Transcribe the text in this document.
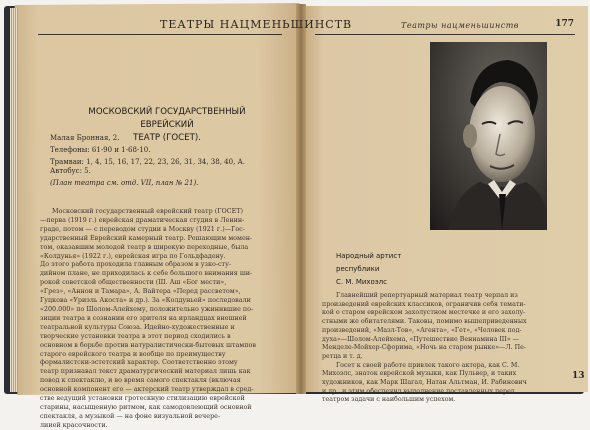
ТЕАТРЫ НАЦМЕНЬШИНСТВ
МОСКОВСКИЙ ГОСУДАРСТВЕННЫЙ ЕВРЕЙСКИЙ
ТЕАТР (ГОСЕТ).
Малая Бронная, 2.
Телефоны: 61-90 и 1-68-10.
Трамваи: 1, 4, 15, 16, 17, 22, 23, 26, 31, 34, 38, 40, А.
Автобус: 5.
(План театра см. отд. VII, план № 21).
Московский государственный еврейский театр (ГОСЕТ)
—перва (1919 г.) еврейская драматическая студия в Ленин-
граде, потом — с переводом студии в Москву (1921 г.)—Гос-
ударственный Еврейский камерный театр. Решающим момен-
том, оказавшим молодой театр в широкую переходные, была
«Колдунья» (1922 г.), еврейская игра по Гольдфадену.
До этого работа проходила главным образом в узко-сту-
дийном плане, не приходилась к себе большого внимания ши-
рокой советской общественности (Ш. Аш «Бог мести»,
«Грез», «Аннон и Тамара», А. Вайтера «Перед рассветом»,
Гуцкова «Уриэль Акоста» и др.). За «Колдуньей» последовали
«200.000» по Шолом-Алейхему, положительно ужинившие по-
зиции театра в сознании его зрителя на ирландцах внешней
театральной культуры Союза. Идейно-художественные и
творческие установки театра в этот период сходились в
основном в борьбе против натуралистически-бытовых штампов
старого еврейского театра и вообще по преимуществу
формалистски-эстетский характер. Соответственно этому
театр признавал текст драматургический материал лишь как
повод к спектаклю, и во время самого спектакля (включая
основной компонент его — актерский театр утверждал в сред-
стве ведущий установки гротескную стилизацию еврейской
старины, насыщенную ритмом, как самодовлеющий основной
спектакля, а музыкой — на фоне визуальной вечере-
лиией красочности.
Театры нацменьшинств	177
Народный артист
республики
С. М. Михоэлс
Главнейший репертуарный материал театр черпал из
произведений еврейских классиков, ограничив себя темати-
кой о старом еврейском захолустном местечке и его захолу-
стными же обитателями. Таковы, помимо вышеприведенных
произведений, «Мазл-Тов», «Агента», «Гет», «Человек под-
духа»—Шолом-Алейхема, «Путешествие Вениамина III» —
Менделе-Мойхер-Сфорима, «Ночь на старом рынке»—Л. Пе-
ретца и т. д.
Госет к своей работе привлек такого актера, как С. М.
Михоэлс, знаток еврейской музыки, как Пульвер, и таких
художников, как Марк Шагал, Натан Альтман, И. Рабинович
и др., и этим обеспечил выполнение поставленных перед
театром задачи с наибольшим успехом.
13
